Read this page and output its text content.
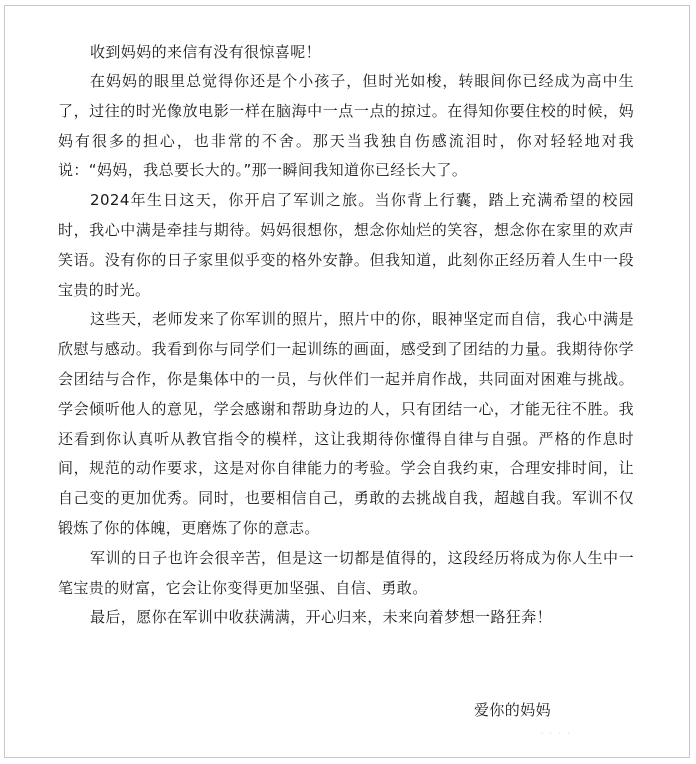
收到妈妈的来信有没有很惊喜呢！

在妈妈的眼里总觉得你还是个小孩子，但时光如梭，转眼间你已经成为高中生了，过往的时光像放电影一样在脑海中一点一点的掠过。在得知你要住校的时候，妈妈有很多的担心，也非常的不舍。那天当我独自伤感流泪时，你对轻轻地对我说：“妈妈，我总要长大的。”那一瞬间我知道你已经长大了。

2024年生日这天，你开启了军训之旅。当你背上行囊，踏上充满希望的校园时，我心中满是牵挂与期待。妈妈很想你，想念你灿烂的笑容，想念你在家里的欢声笑语。没有你的日子家里似乎变的格外安静。但我知道，此刻你正经历着人生中一段宝贵的时光。

这些天，老师发来了你军训的照片，照片中的你，眼神坚定而自信，我心中满是欣慰与感动。我看到你与同学们一起训练的画面，感受到了团结的力量。我期待你学会团结与合作，你是集体中的一员，与伙伴们一起并肩作战，共同面对困难与挑战。学会倾听他人的意见，学会感谢和帮助身边的人，只有团结一心，才能无往不胜。我还看到你认真听从教官指令的模样，这让我期待你懂得自律与自强。严格的作息时间，规范的动作要求，这是对你自律能力的考验。学会自我约束，合理安排时间，让自己变的更加优秀。同时，也要相信自己，勇敢的去挑战自我，超越自我。军训不仅锻炼了你的体魄，更磨炼了你的意志。

军训的日子也许会很辛苦，但是这一切都是值得的，这段经历将成为你人生中一笔宝贵的财富，它会让你变得更加坚强、自信、勇敢。

最后，愿你在军训中收获满满，开心归来，未来向着梦想一路狂奔！

爱你的妈妈
· · · ·
